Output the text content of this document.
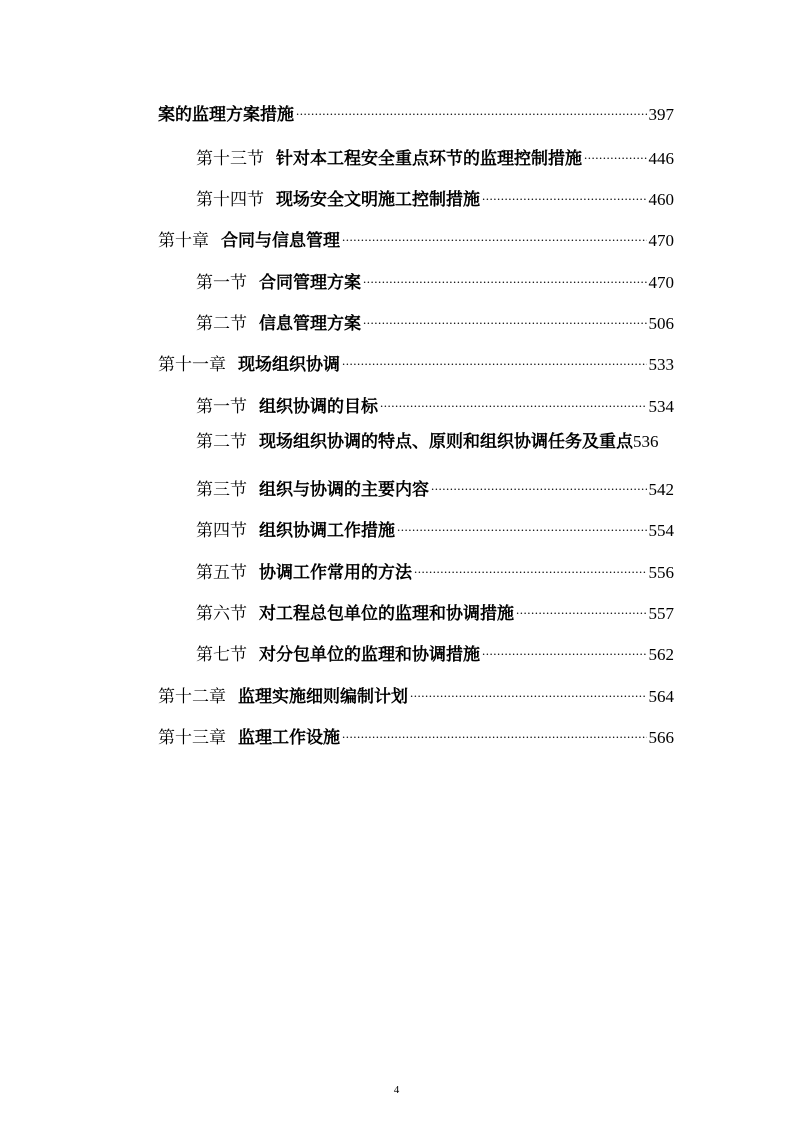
案的监理方案措施 .....	397
第十三节 针对本工程安全重点环节的监理控制措施 .....	446
第十四节 现场安全文明施工控制措施 .....	460
第十章 合同与信息管理 .....	470
第一节 合同管理方案 .....	470
第二节 信息管理方案 .....	506
第十一章 现场组织协调 .....	533
第一节 组织协调的目标 .....	534
第二节 现场组织协调的特点、原则和组织协调任务及重点 536
第三节 组织与协调的主要内容 .....	542
第四节 组织协调工作措施 .....	554
第五节 协调工作常用的方法 .....	556
第六节 对工程总包单位的监理和协调措施 .....	557
第七节 对分包单位的监理和协调措施 .....	562
第十二章 监理实施细则编制计划 .....	564
第十三章 监理工作设施 .....	566
4
